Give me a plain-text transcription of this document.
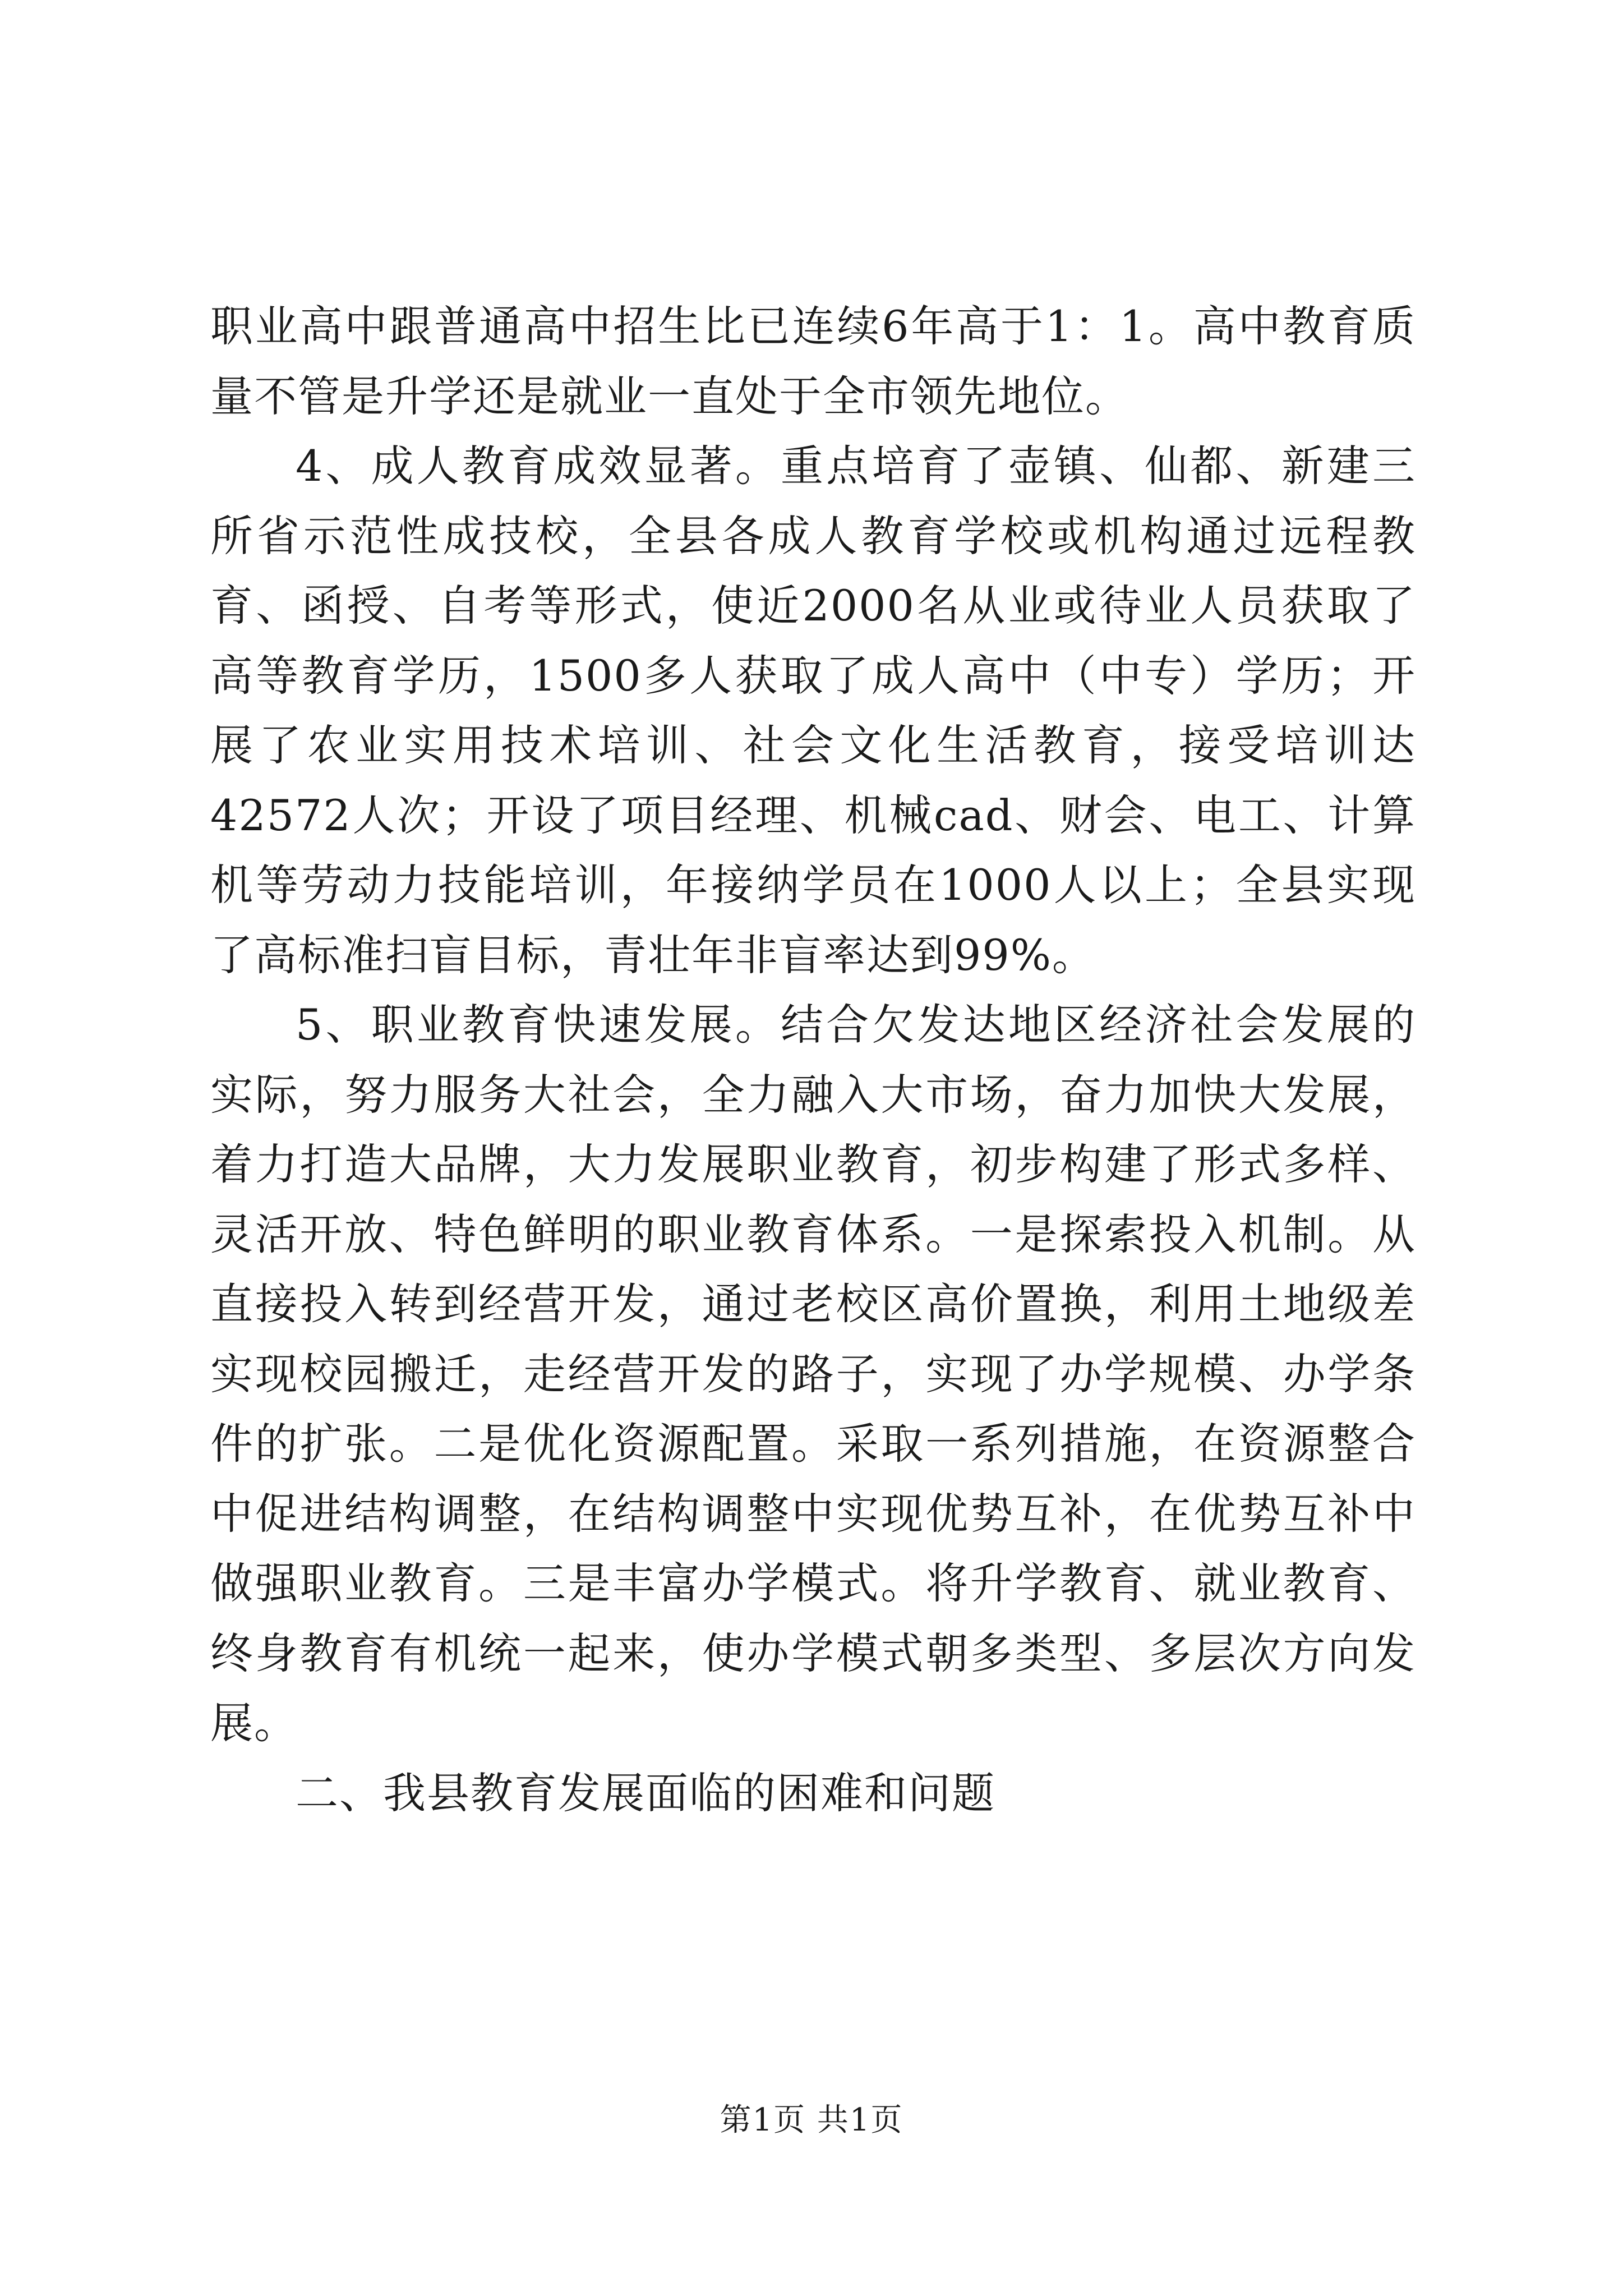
职业高中跟普通高中招生比已连续6年高于1：1。高中教育质量不管是升学还是就业一直处于全市领先地位。

4、成人教育成效显著。重点培育了壶镇、仙都、新建三所省示范性成技校，全县各成人教育学校或机构通过远程教育、函授、自考等形式，使近2000名从业或待业人员获取了高等教育学历，1500多人获取了成人高中（中专）学历；开展了农业实用技术培训、社会文化生活教育，接受培训达42572人次；开设了项目经理、机械cad、财会、电工、计算机等劳动力技能培训，年接纳学员在1000人以上；全县实现了高标准扫盲目标，青壮年非盲率达到99%。

5、职业教育快速发展。结合欠发达地区经济社会发展的实际，努力服务大社会，全力融入大市场，奋力加快大发展，着力打造大品牌，大力发展职业教育，初步构建了形式多样、灵活开放、特色鲜明的职业教育体系。一是探索投入机制。从直接投入转到经营开发，通过老校区高价置换，利用土地级差实现校园搬迁，走经营开发的路子，实现了办学规模、办学条件的扩张。二是优化资源配置。采取一系列措施，在资源整合中促进结构调整，在结构调整中实现优势互补，在优势互补中做强职业教育。三是丰富办学模式。将升学教育、就业教育、终身教育有机统一起来，使办学模式朝多类型、多层次方向发展。

二、我县教育发展面临的困难和问题

第1页 共1页
